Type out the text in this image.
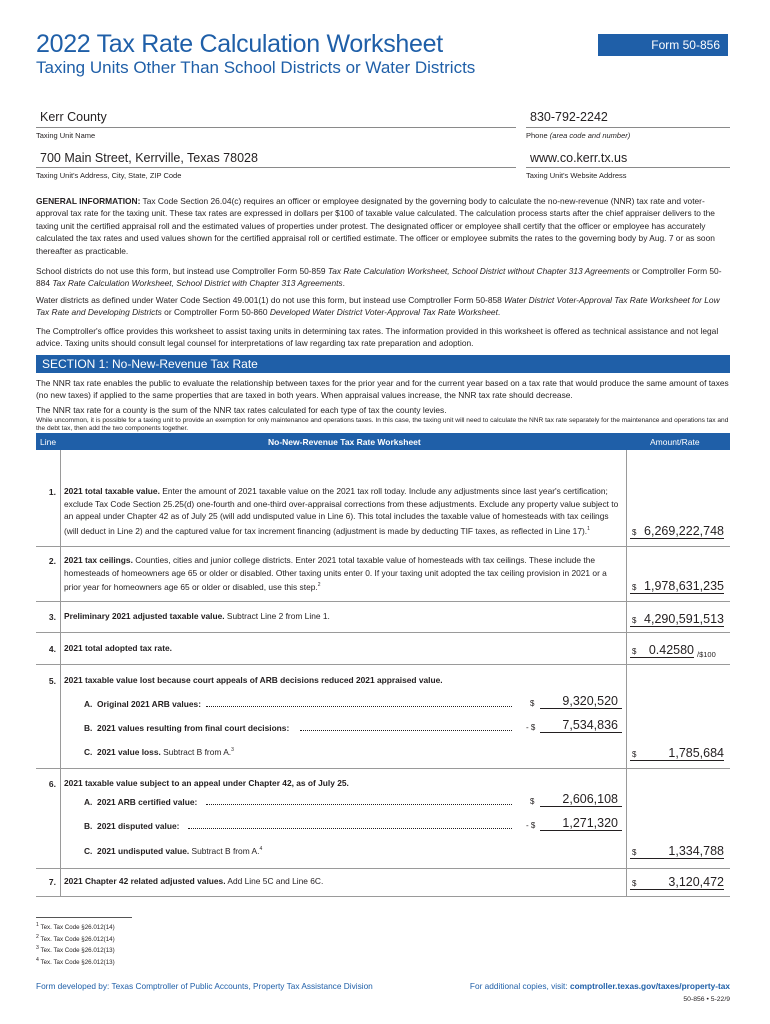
2022 Tax Rate Calculation Worksheet
Taxing Units Other Than School Districts or Water Districts
Form 50-856
Kerr County
Taxing Unit Name
830-792-2242
Phone (area code and number)
700 Main Street, Kerrville, Texas 78028
Taxing Unit's Address, City, State, ZIP Code
www.co.kerr.tx.us
Taxing Unit's Website Address
GENERAL INFORMATION: Tax Code Section 26.04(c) requires an officer or employee designated by the governing body to calculate the no-new-revenue (NNR) tax rate and voter-approval tax rate for the taxing unit. These tax rates are expressed in dollars per $100 of taxable value calculated. The calculation process starts after the chief appraiser delivers to the taxing unit the certified appraisal roll and the estimated values of properties under protest. The designated officer or employee shall certify that the officer or employee has accurately calculated the tax rates and used values shown for the certified appraisal roll or certified estimate. The officer or employee submits the rates to the governing body by Aug. 7 or as soon thereafter as practicable.
School districts do not use this form, but instead use Comptroller Form 50-859 Tax Rate Calculation Worksheet, School District without Chapter 313 Agreements or Comptroller Form 50-884 Tax Rate Calculation Worksheet, School District with Chapter 313 Agreements.
Water districts as defined under Water Code Section 49.001(1) do not use this form, but instead use Comptroller Form 50-858 Water District Voter-Approval Tax Rate Worksheet for Low Tax Rate and Developing Districts or Comptroller Form 50-860 Developed Water District Voter-Approval Tax Rate Worksheet.
The Comptroller's office provides this worksheet to assist taxing units in determining tax rates. The information provided in this worksheet is offered as technical assistance and not legal advice. Taxing units should consult legal counsel for interpretations of law regarding tax rate preparation and adoption.
SECTION 1: No-New-Revenue Tax Rate
The NNR tax rate enables the public to evaluate the relationship between taxes for the prior year and for the current year based on a tax rate that would produce the same amount of taxes (no new taxes) if applied to the same properties that are taxed in both years. When appraisal values increase, the NNR tax rate should decrease.
The NNR tax rate for a county is the sum of the NNR tax rates calculated for each type of tax the county levies.
Line	No-New-Revenue Tax Rate Worksheet	Amount/Rate
1. 2021 total taxable value. Enter the amount of 2021 taxable value on the 2021 tax roll today. Include any adjustments since last year's certification; exclude Tax Code Section 25.25(d) one-fourth and one-third over-appraisal corrections from these adjustments. Exclude any property value subject to an appeal under Chapter 42 as of July 25 (will add undisputed value in Line 6). This total includes the taxable value of homesteads with tax ceilings (will deduct in Line 2) and the captured value for tax increment financing (adjustment is made by deducting TIF taxes, as reflected in Line 17).$^1$	$ 6,269,222,748
2. 2021 tax ceilings. Counties, cities and junior college districts. Enter 2021 total taxable value of homesteads with tax ceilings. These include the homesteads of homeowners age 65 or older or disabled. Other taxing units enter 0. If your taxing unit adopted the tax ceiling provision in 2021 or a prior year for homeowners age 65 or older or disabled, use this step.$^2$	$ 1,978,631,235
3. Preliminary 2021 adjusted taxable value. Subtract Line 2 from Line 1.	$ 4,290,591,513
4. 2021 total adopted tax rate.	$ 0.42580 /$100
5. 2021 taxable value lost because court appeals of ARB decisions reduced 2021 appraised value.
A. Original 2021 ARB values:	$ 9,320,520
B. 2021 values resulting from final court decisions:	- $ 7,534,836
C. 2021 value loss. Subtract B from A.$^3$	$	1,785,684
6. 2021 taxable value subject to an appeal under Chapter 42, as of July 25.
A. 2021 ARB certified value:	$ 2,606,108
B. 2021 disputed value:	- $ 1,271,320
C. 2021 undisputed value. Subtract B from A.$^4$	$	1,334,788
7. 2021 Chapter 42 related adjusted values. Add Line 5C and Line 6C.	$	3,120,472
$^1$ Tex. Tax Code §26.012(14)
$^2$ Tex. Tax Code §26.012(14)
$^3$ Tex. Tax Code §26.012(13)
$^4$ Tex. Tax Code §26.012(13)
Form developed by: Texas Comptroller of Public Accounts, Property Tax Assistance Division	For additional copies, visit: comptroller.texas.gov/taxes/property-tax
50-856 • 5-22/9
While uncommon, it is possible for a taxing unit to provide an exemption for only maintenance and operations taxes. In this case, the taxing unit will need to calculate the NNR tax rate separately for the maintenance and operations tax and the debt tax, then add the two components together.
